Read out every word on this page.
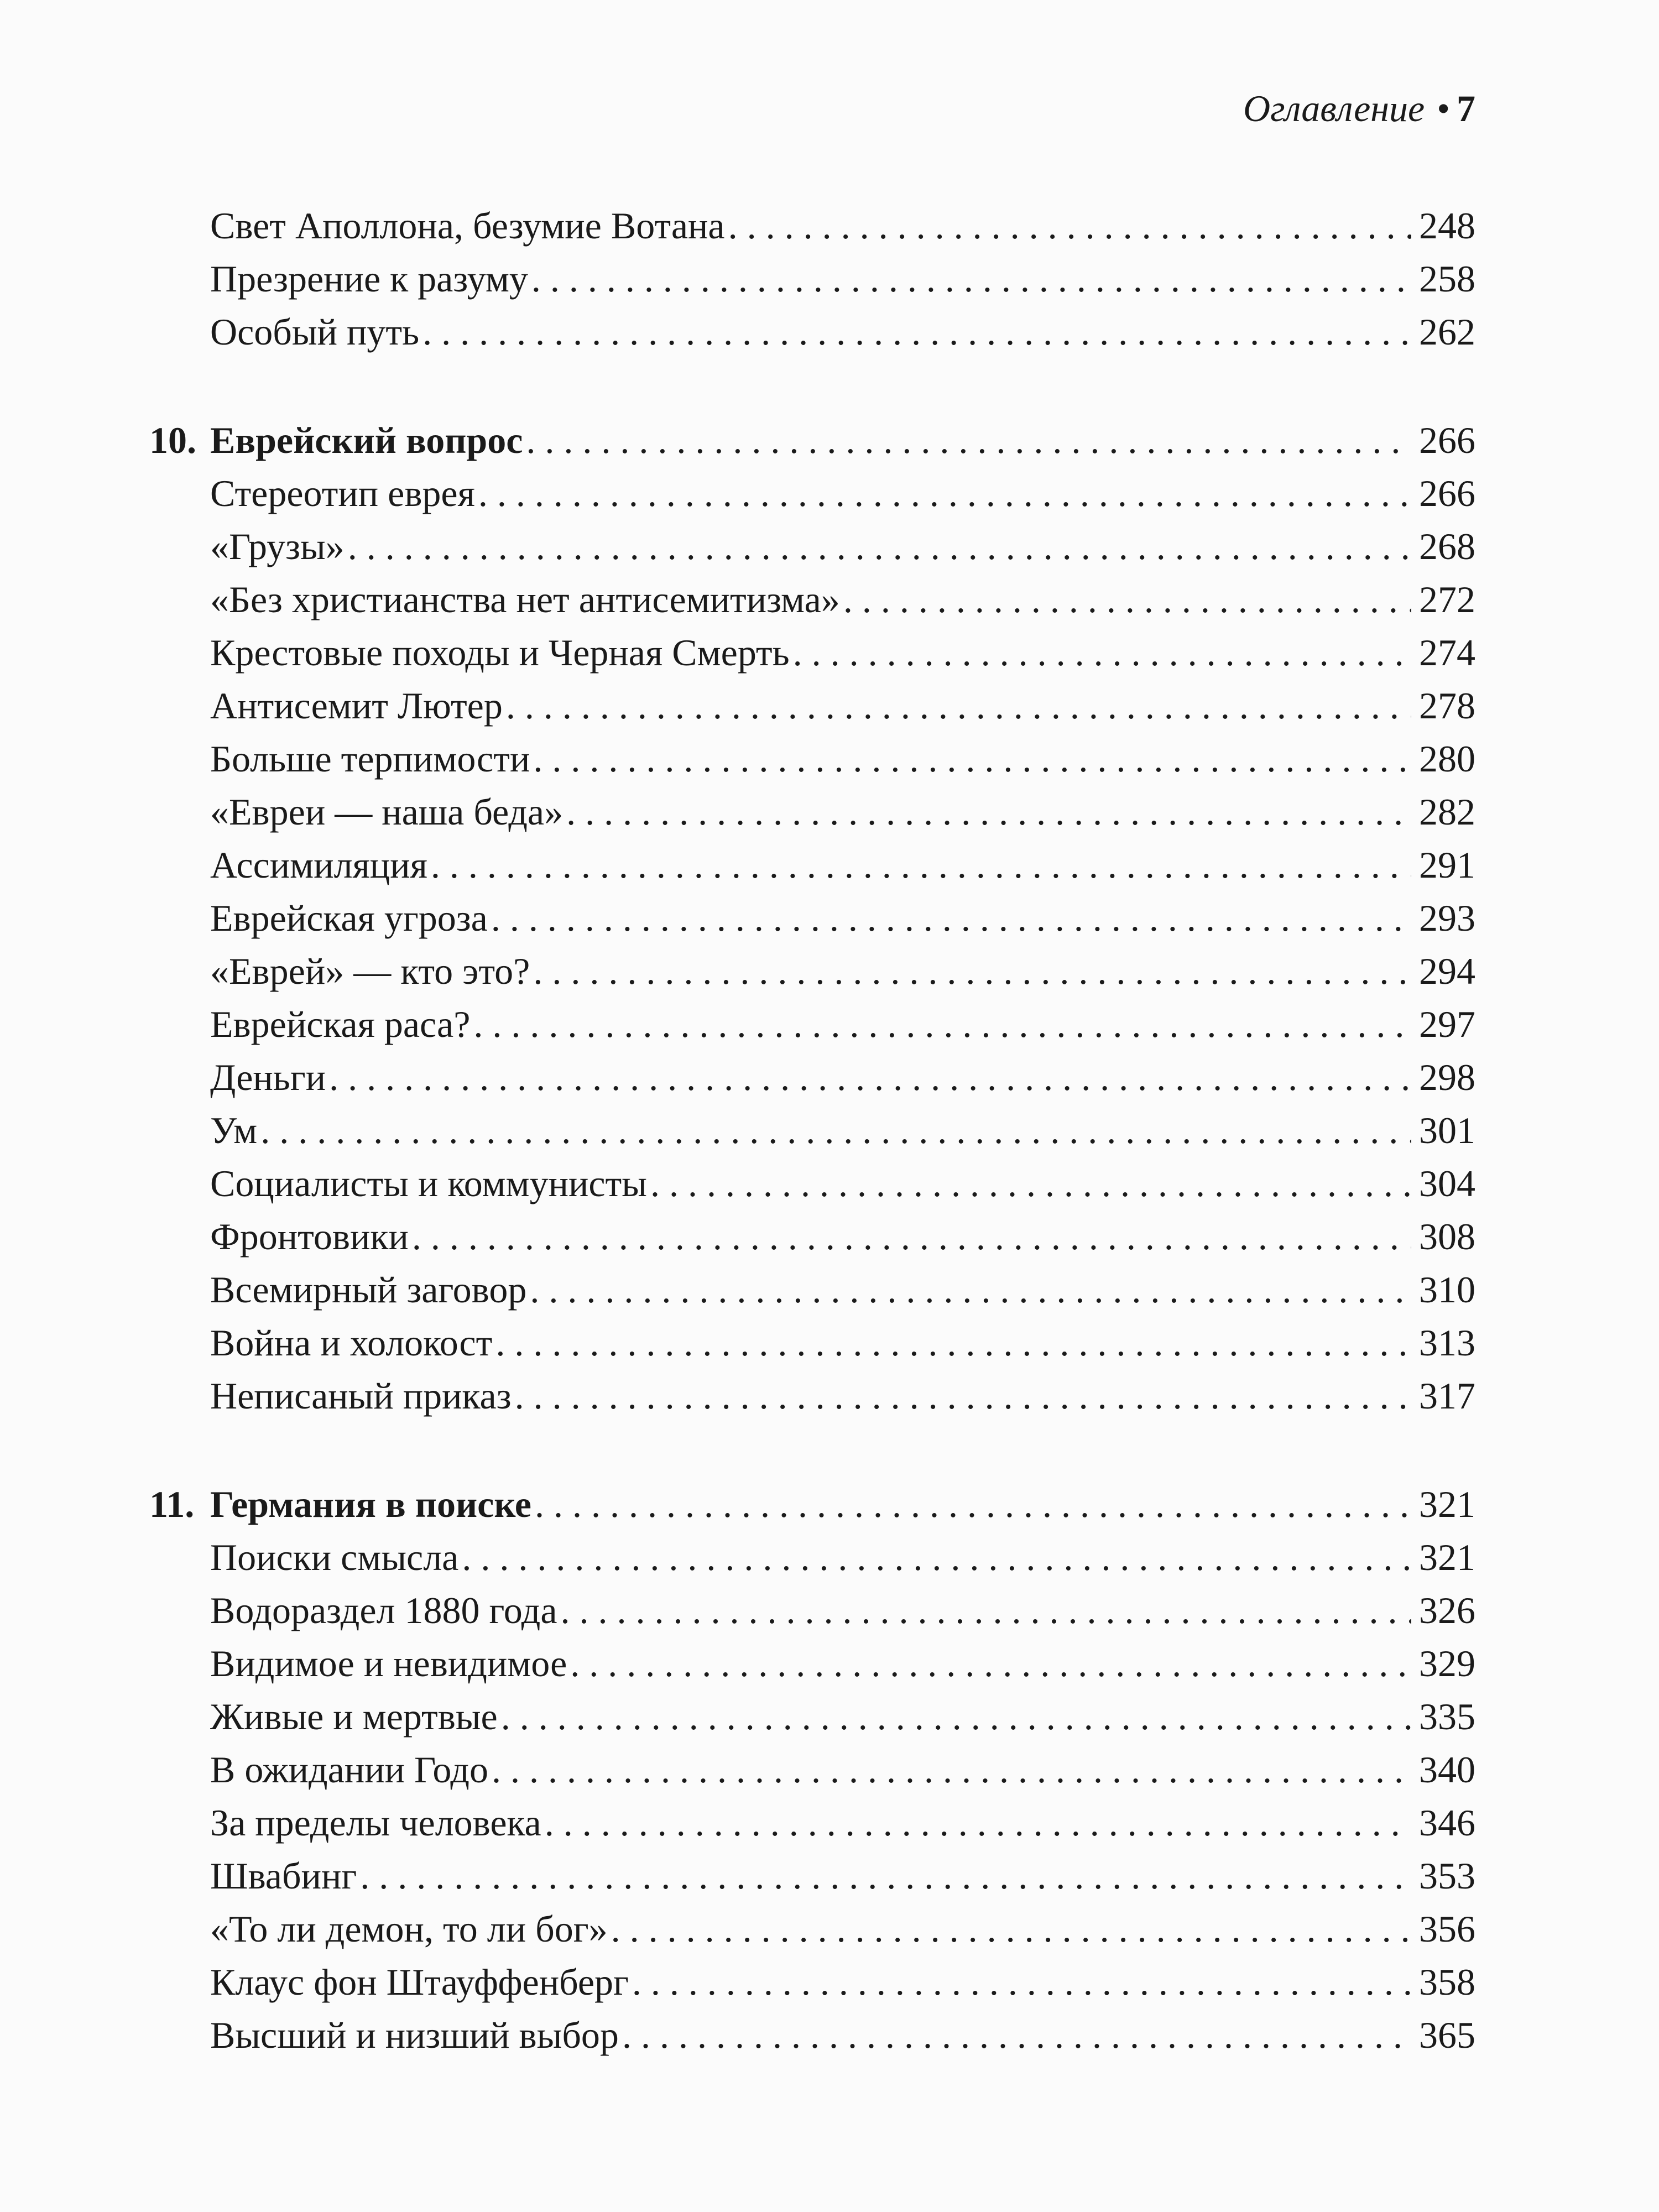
Оглавление • 7
Свет Аполлона, безумие Вотана . . .	248
Презрение к разуму . . .	258
Особый путь . . .	262
10. Еврейский вопрос . . .	266
Стереотип еврея . . .	266
«Грузы» . . .	268
«Без христианства нет антисемитизма» . . .	272
Крестовые походы и Черная Смерть . . .	274
Антисемит Лютер . . .	278
Больше терпимости . . .	280
«Евреи — наша беда» . . .	282
Ассимиляция . . .	291
Еврейская угроза . . .	293
«Еврей» — кто это? . . .	294
Еврейская раса? . . .	297
Деньги . . .	298
Ум . . .	301
Социалисты и коммунисты . . .	304
Фронтовики . . .	308
Всемирный заговор . . .	310
Война и холокост . . .	313
Неписаный приказ . . .	317
11. Германия в поиске . . .	321
Поиски смысла . . .	321
Водораздел 1880 года . . .	326
Видимое и невидимое . . .	329
Живые и мертвые . . .	335
В ожидании Годо . . .	340
За пределы человека . . .	346
Швабинг . . .	353
«То ли демон, то ли бог» . . .	356
Клаус фон Штауффенберг . . .	358
Высший и низший выбор . . .	365
